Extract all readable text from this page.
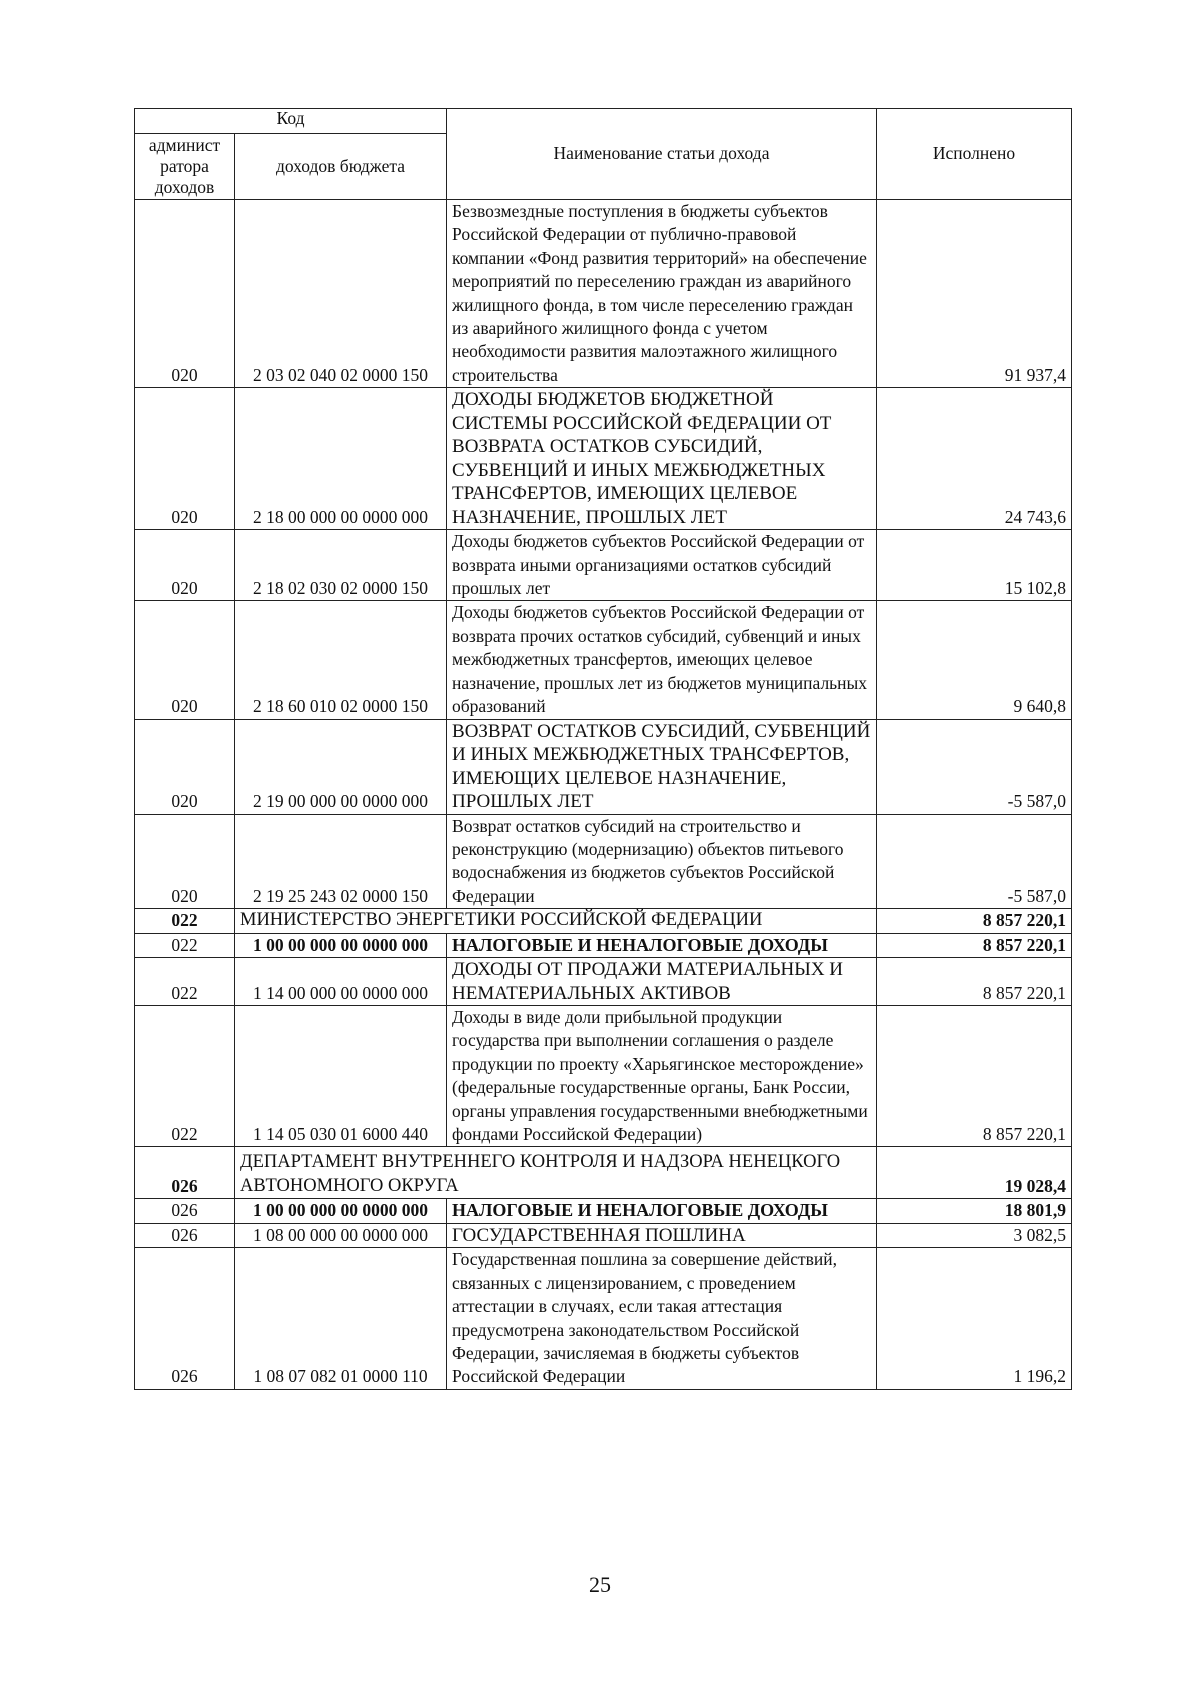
Код		Наименование статьи дохода	Исполнено
админист
ратора
доходов	доходов бюджета		
020	2 03 02 040 02 0000 150	Безвозмездные поступления в бюджеты субъектов Российской Федерации от публично-правовой компании «Фонд развития территорий» на обеспечение мероприятий по переселению граждан из аварийного жилищного фонда, в том числе переселению граждан из аварийного жилищного фонда с учетом необходимости развития малоэтажного жилищного строительства	91 937,4
020	2 18 00 000 00 0000 000	ДОХОДЫ БЮДЖЕТОВ БЮДЖЕТНОЙ СИСТЕМЫ РОССИЙСКОЙ ФЕДЕРАЦИИ ОТ ВОЗВРАТА ОСТАТКОВ СУБСИДИЙ, СУБВЕНЦИЙ И ИНЫХ МЕЖБЮДЖЕТНЫХ ТРАНСФЕРТОВ, ИМЕЮЩИХ ЦЕЛЕВОЕ НАЗНАЧЕНИЕ, ПРОШЛЫХ ЛЕТ	24 743,6
020	2 18 02 030 02 0000 150	Доходы бюджетов субъектов Российской Федерации от возврата иными организациями остатков субсидий прошлых лет	15 102,8
020	2 18 60 010 02 0000 150	Доходы бюджетов субъектов Российской Федерации от возврата прочих остатков субсидий, субвенций и иных межбюджетных трансфертов, имеющих целевое назначение, прошлых лет из бюджетов муниципальных образований	9 640,8
020	2 19 00 000 00 0000 000	ВОЗВРАТ ОСТАТКОВ СУБСИДИЙ, СУБВЕНЦИЙ И ИНЫХ МЕЖБЮДЖЕТНЫХ ТРАНСФЕРТОВ, ИМЕЮЩИХ ЦЕЛЕВОЕ НАЗНАЧЕНИЕ, ПРОШЛЫХ ЛЕТ	-5 587,0
020	2 19 25 243 02 0000 150	Возврат остатков субсидий на строительство и реконструкцию (модернизацию) объектов питьевого водоснабжения из бюджетов субъектов Российской Федерации	-5 587,0
022	МИНИСТЕРСТВО ЭНЕРГЕТИКИ РОССИЙСКОЙ ФЕДЕРАЦИИ		8 857 220,1
022	1 00 00 000 00 0000 000	НАЛОГОВЫЕ И НЕНАЛОГОВЫЕ ДОХОДЫ	8 857 220,1
022	1 14 00 000 00 0000 000	ДОХОДЫ ОТ ПРОДАЖИ МАТЕРИАЛЬНЫХ И НЕМАТЕРИАЛЬНЫХ АКТИВОВ	8 857 220,1
022	1 14 05 030 01 6000 440	Доходы в виде доли прибыльной продукции государства при выполнении соглашения о разделе продукции по проекту «Харьягинское месторождение» (федеральные государственные органы, Банк России, органы управления государственными внебюджетными фондами Российской Федерации)	8 857 220,1
026	ДЕПАРТАМЕНТ ВНУТРЕННЕГО КОНТРОЛЯ И НАДЗОРА НЕНЕЦКОГО АВТОНОМНОГО ОКРУГА		19 028,4
026	1 00 00 000 00 0000 000	НАЛОГОВЫЕ И НЕНАЛОГОВЫЕ ДОХОДЫ	18 801,9
026	1 08 00 000 00 0000 000	ГОСУДАРСТВЕННАЯ ПОШЛИНА	3 082,5
026	1 08 07 082 01 0000 110	Государственная пошлина за совершение действий, связанных с лицензированием, с проведением аттестации в случаях, если такая аттестация предусмотрена законодательством Российской Федерации, зачисляемая в бюджеты субъектов Российской Федерации	1 196,2
25
